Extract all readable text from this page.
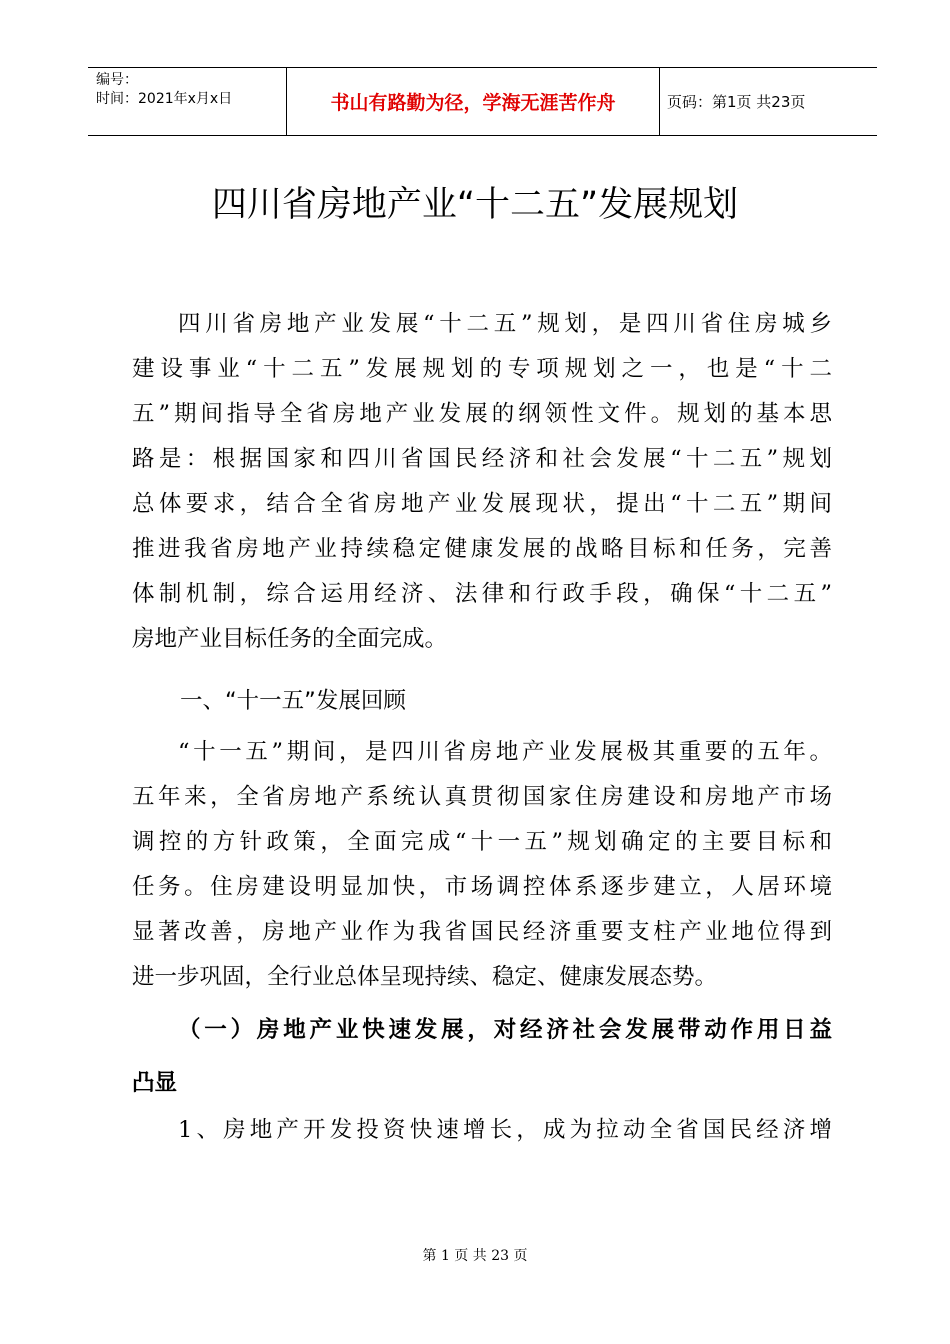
编号：
时间：2021年x月x日	书山有路勤为径，学海无涯苦作舟	页码：第1页 共23页
四川省房地产业“十二五”发展规划
四川省房地产业发展“十二五”规划，是四川省住房城乡
建设事业“十二五”发展规划的专项规划之一，也是“十二
五”期间指导全省房地产业发展的纲领性文件。规划的基本思
路是：根据国家和四川省国民经济和社会发展“十二五”规划
总体要求，结合全省房地产业发展现状，提出“十二五”期间
推进我省房地产业持续稳定健康发展的战略目标和任务，完善
体制机制，综合运用经济、法律和行政手段，确保“十二五”
房地产业目标任务的全面完成。
一、“十一五”发展回顾
“十一五”期间，是四川省房地产业发展极其重要的五年。
五年来，全省房地产系统认真贯彻国家住房建设和房地产市场
调控的方针政策，全面完成“十一五”规划确定的主要目标和
任务。住房建设明显加快，市场调控体系逐步建立，人居环境
显著改善，房地产业作为我省国民经济重要支柱产业地位得到
进一步巩固，全行业总体呈现持续、稳定、健康发展态势。
（一）房地产业快速发展，对经济社会发展带动作用日益
凸显
1、房地产开发投资快速增长，成为拉动全省国民经济增
第 1 页 共 23 页
